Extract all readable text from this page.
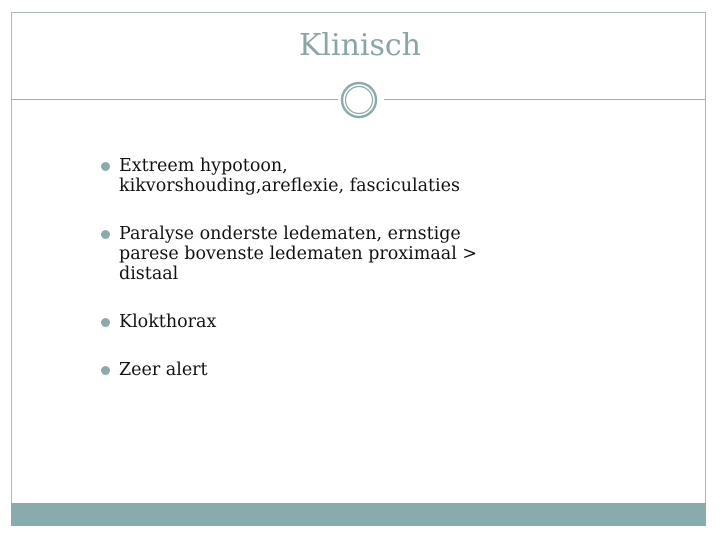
Klinisch
Extreem hypotoon, kikvorshouding,areflexie, fasciculaties
Paralyse onderste ledematen, ernstige parese bovenste ledematen proximaal > distaal
Klokthorax
Zeer alert
